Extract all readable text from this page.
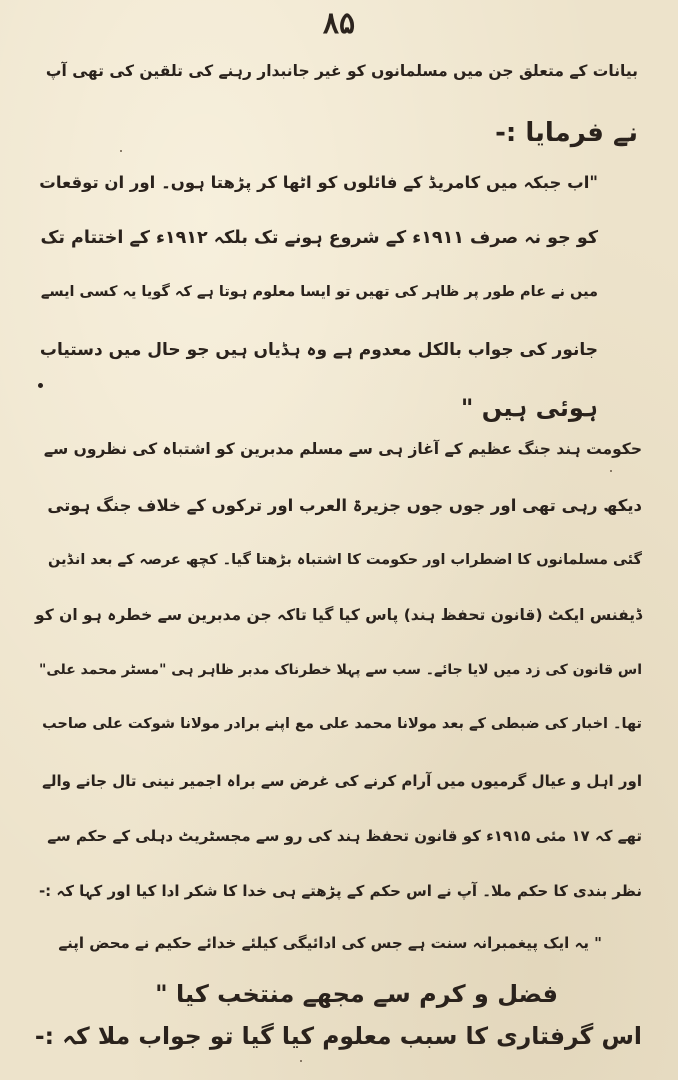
۸۵
بیانات کے متعلق جن میں مسلمانوں کو غیر جانبدار رہنے کی تلقین کی تھی آپ
نے فرمایا :-
"اب جبکہ میں کامریڈ کے فائلوں کو اٹھا کر پڑھتا ہوں۔ اور ان توقعات
کو جو نہ صرف ۱۹۱۱ء کے شروع ہونے تک بلکہ ۱۹۱۲ء کے اختتام تک
میں نے عام طور پر ظاہر کی تھیں تو ایسا معلوم ہوتا ہے کہ گویا یہ کسی ایسے
جانور کی جواب بالکل معدوم ہے وہ ہڈیاں ہیں جو حال میں دستیاب
ہوئی ہیں "
حکومت ہند جنگ عظیم کے آغاز ہی سے مسلم مدبرین کو اشتباہ کی نظروں سے
دیکھ رہی تھی اور جوں جوں جزیرۃ العرب اور ترکوں کے خلاف جنگ ہوتی
گئی مسلمانوں کا اضطراب اور حکومت کا اشتباہ بڑھتا گیا۔ کچھ عرصہ کے بعد انڈین
ڈیفنس ایکٹ (قانون تحفظ ہند) پاس کیا گیا تاکہ جن مدبرین سے خطرہ ہو ان کو
اس قانون کی زد میں لایا جائے۔ سب سے پہلا خطرناک مدبر ظاہر ہی "مسٹر محمد علی"
تھا۔ اخبار کی ضبطی کے بعد مولانا محمد علی مع اپنے برادر مولانا شوکت علی صاحب
اور اہل و عیال گرمیوں میں آرام کرنے کی غرض سے براہ اجمیر نینی تال جانے والے
تھے کہ ۱۷ مئی ۱۹۱۵ء کو قانون تحفظ ہند کی رو سے مجسٹریٹ دہلی کے حکم سے
نظر بندی کا حکم ملا۔ آپ نے اس حکم کے پڑھتے ہی خدا کا شکر ادا کیا اور کہا کہ :-
" یہ ایک پیغمبرانہ سنت ہے جس کی ادائیگی کیلئے خدائے حکیم نے محض اپنے
فضل و کرم سے مجھے منتخب کیا "
اس گرفتاری کا سبب معلوم کیا گیا تو جواب ملا کہ :-
